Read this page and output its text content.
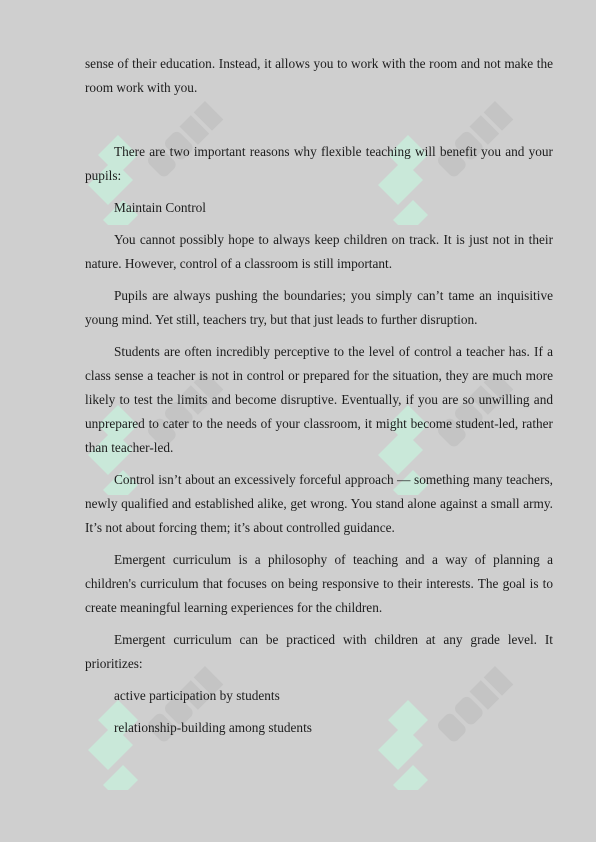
sense of their education. Instead, it allows you to work with the room and not make the room work with you.

There are two important reasons why flexible teaching will benefit you and your pupils:

Maintain Control

You cannot possibly hope to always keep children on track. It is just not in their nature. However, control of a classroom is still important.

Pupils are always pushing the boundaries; you simply can’t tame an inquisitive young mind. Yet still, teachers try, but that just leads to further disruption.

Students are often incredibly perceptive to the level of control a teacher has. If a class sense a teacher is not in control or prepared for the situation, they are much more likely to test the limits and become disruptive. Eventually, if you are so unwilling and unprepared to cater to the needs of your classroom, it might become student-led, rather than teacher-led.

Control isn’t about an excessively forceful approach — something many teachers, newly qualified and established alike, get wrong. You stand alone against a small army. It’s not about forcing them; it’s about controlled guidance.

Emergent curriculum is a philosophy of teaching and a way of planning a children's curriculum that focuses on being responsive to their interests. The goal is to create meaningful learning experiences for the children.

Emergent curriculum can be practiced with children at any grade level. It prioritizes:

active participation by students

relationship-building among students
